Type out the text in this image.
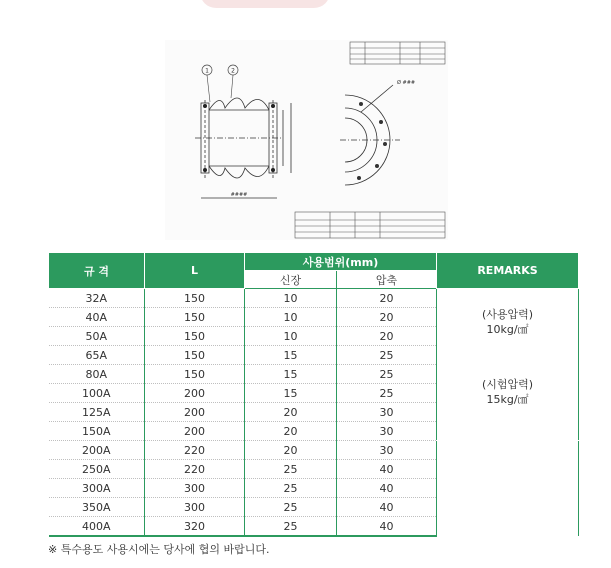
1	2
####
Ø ###
규 격	L	사용범위(mm)		REMARKS
		신장	압축	
32A	150	10	20	(사용압력)
10kg/㎠
(시험압력)
15kg/㎠

40A	150	10	20	
50A	150	10	20	
65A	150	15	25	
80A	150	15	25	
100A	200	15	25	
125A	200	20	30	
150A	200	20	30	
200A	220	20	30	
250A	220	25	40	
300A	300	25	40	
350A	300	25	40	
400A	320	25	40	
※ 특수용도 사용시에는 당사에 협의 바랍니다.
